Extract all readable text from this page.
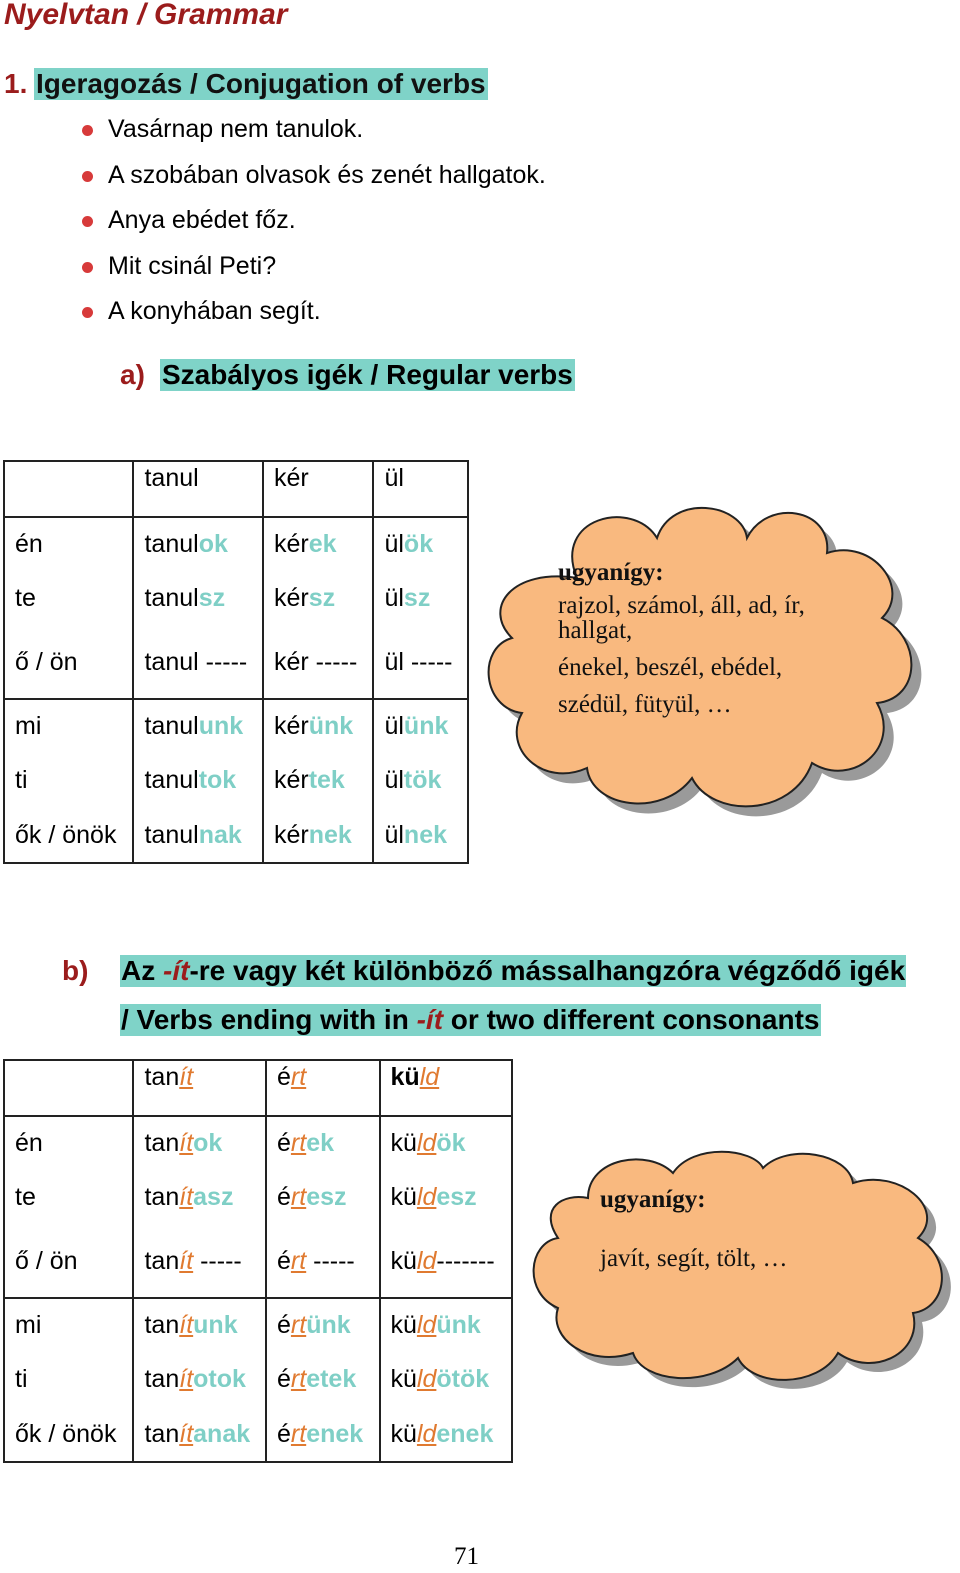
Nyelvtan / Grammar
1. Igeragozás / Conjugation of verbs
Vasárnap nem tanulok.
A szobában olvasok és zenét hallgatok.
Anya ebédet főz.
Mit csinál Peti?
A konyhában segít.
a) Szabályos igék / Regular verbs
	tanul	kér	ül
én	tanulok	kérek	ülök
te	tanulsz	kérsz	ülsz
ő / ön	tanul -----	kér -----	ül -----
mi	tanulunk	kérünk	ülünk
ti	tanultok	kértek	ültök
ők / önök	tanulnak	kérnek	ülnek
ugyanígy:
rajzol, számol, áll, ad, ír,
hallgat,
énekel, beszél, ebédel,
szédül, fütyül, …
b) Az -ít-re vagy két különböző mássalhangzóra végződő igék
/ Verbs ending with in -ít or two different consonants
	tanít	ért	küld
én	tanítok	értek	küldök
te	tanítasz	értesz	küldesz
ő / ön	tanít -----	ért -----	küld-------
mi	tanítunk	értünk	küldünk
ti	tanítotok	értetek	küldötök
ők / önök	tanítanak	értenek	küldenek
ugyanígy:
javít, segít, tölt, …
71
